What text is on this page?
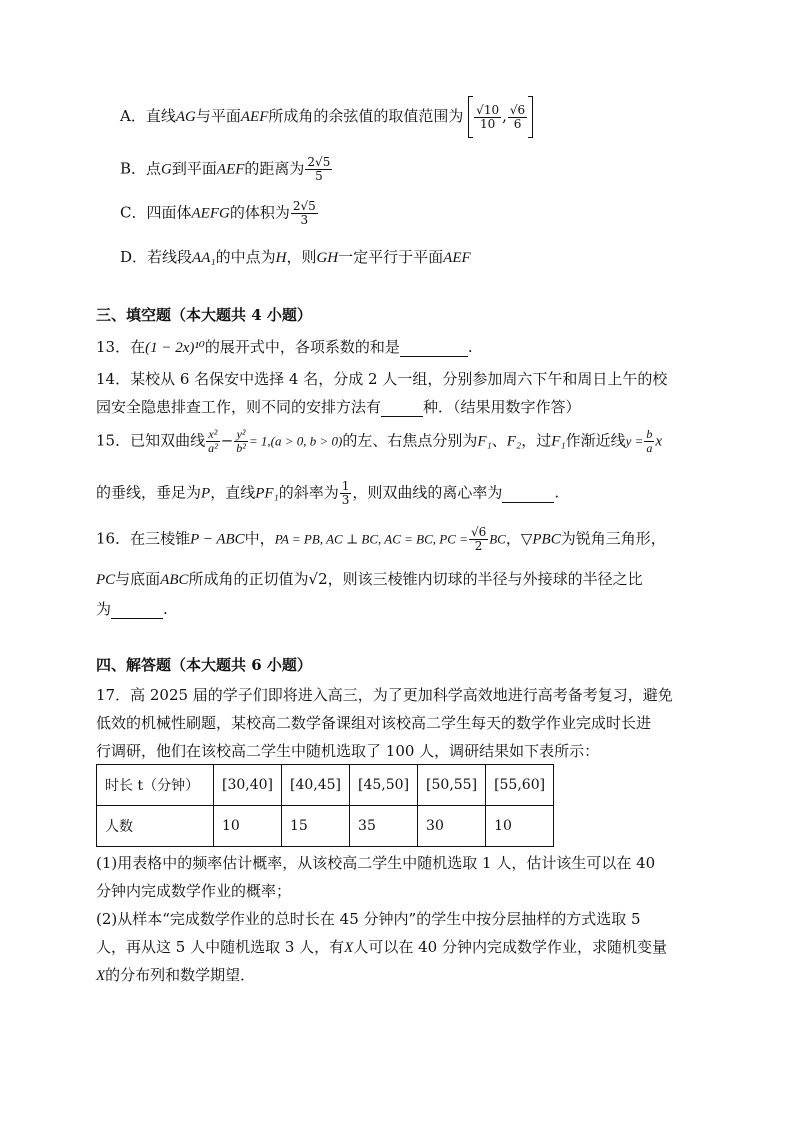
A．直线AG与平面AEF所成角的余弦值的取值范围为 $\frac{√10}{10}$ , $\frac{√6}{6}$
B．点G到平面AEF的距离为 $\frac{2√5}{5}$
C．四面体AEFG的体积为 $\frac{2√5}{3}$
D．若线段AA₁的中点为H，则GH一定平行于平面AEF
三、填空题（本大题共 4 小题）
13．在(1 − 2x)¹⁰的展开式中，各项系数的和是	.
14．某校从 6 名保安中选择 4 名，分成 2 人一组，分别参加周六下午和周日上午的校
园安全隐患排查工作，则不同的安排方法有	种．（结果用数字作答）
15．已知双曲线 $\frac{\text{x²}}{\text{a²}} - \frac{\text{y²}}{\text{b²}} = 1,(a > 0$, b > 0)的左、右焦点分别为F₁、F₂，过F₁作渐近线$y = \frac{b}{a}$ x
的垂线，垂足为P，直线PF₁的斜率为 $\frac{1}{3}$ ，则双曲线的离心率为	.
16．在三棱锥P − ABC中，PA = PB, AC ⊥ BC, AC = BC, PC = $\frac{√6}{2}$ BC，▽PBC为锐角三角形，
PC与底面ABC所成角的正切值为√2，则该三棱锥内切球的半径与外接球的半径之比
为	.
四、解答题（本大题共 6 小题）
17．高 2025 届的学子们即将进入高三，为了更加科学高效地进行高考备考复习，避免
低效的机械性刷题，某校高二数学备课组对该校高二学生每天的数学作业完成时长进
行调研，他们在该校高二学生中随机选取了 100 人，调研结果如下表所示：
时长 t（分钟）	[30,40]	[40,45]	[45,50]	[50,55]	[55,60]
人数	10	15	35	30	10
(1)用表格中的频率估计概率，从该校高二学生中随机选取 1 人，估计该生可以在 40
分钟内完成数学作业的概率；
(2)从样本“完成数学作业的总时长在 45 分钟内”的学生中按分层抽样的方式选取 5
人，再从这 5 人中随机选取 3 人，有X人可以在 40 分钟内完成数学作业，求随机变量
X的分布列和数学期望．
